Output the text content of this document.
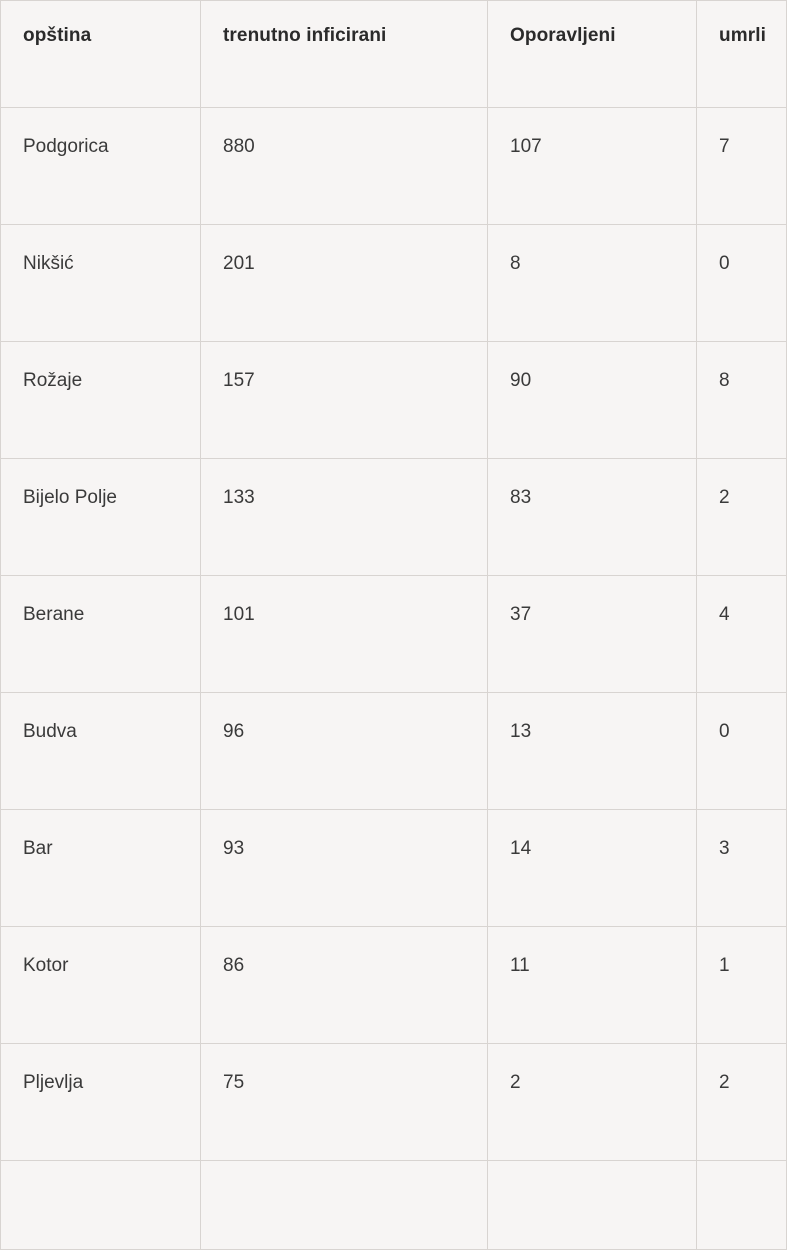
opština	trenutno inficirani	Oporavljeni	umrli

Podgorica	880	107	7

Nikšić	201	8	0

Rožaje	157	90	8

Bijelo Polje	133	83	2

Berane	101	37	4

Budva	96	13	0

Bar	93	14	3

Kotor	86	11	1

Pljevlja	75	2	2
